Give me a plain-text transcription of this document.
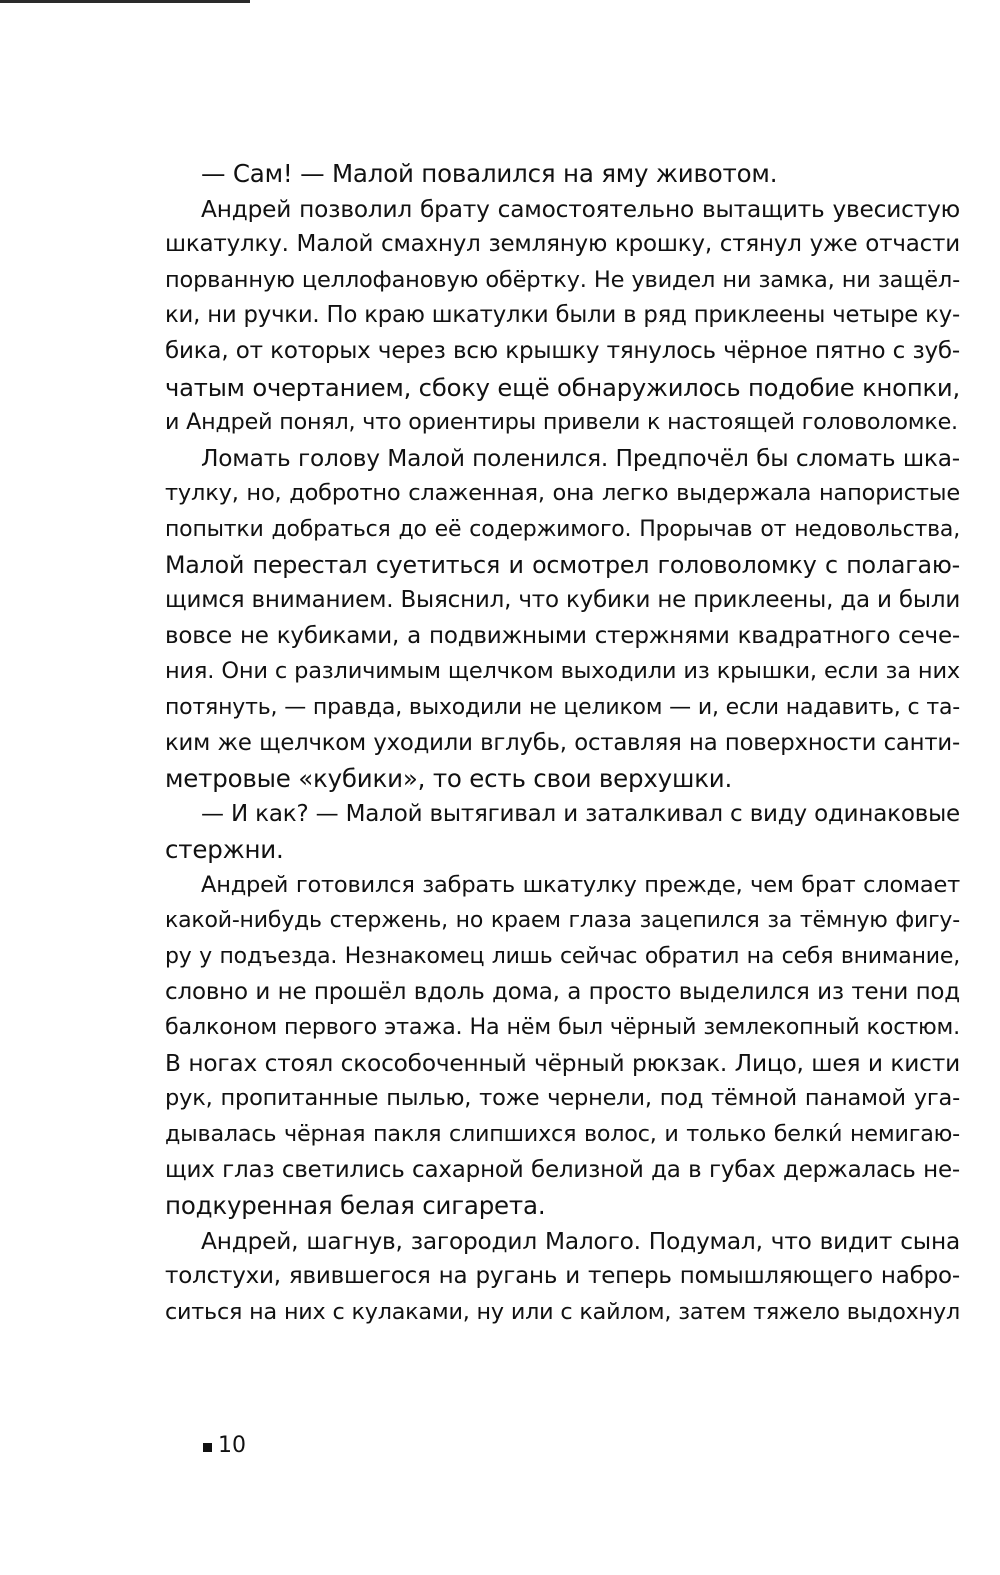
— Сам! — Малой повалился на яму животом.
Андрей позволил брату самостоятельно вытащить увесистую
шкатулку. Малой смахнул земляную крошку, стянул уже отчасти
порванную целлофановую обёртку. Не увидел ни замка, ни защёл-
ки, ни ручки. По краю шкатулки были в ряд приклеены четыре ку-
бика, от которых через всю крышку тянулось чёрное пятно с зуб-
чатым очертанием, сбоку ещё обнаружилось подобие кнопки,
и Андрей понял, что ориентиры привели к настоящей головоломке.
Ломать голову Малой поленился. Предпочёл бы сломать шка-
тулку, но, добротно слаженная, она легко выдержала напористые
попытки добраться до её содержимого. Прорычав от недовольства,
Малой перестал суетиться и осмотрел головоломку с полагаю-
щимся вниманием. Выяснил, что кубики не приклеены, да и были
вовсе не кубиками, а подвижными стержнями квадратного сече-
ния. Они с различимым щелчком выходили из крышки, если за них
потянуть, — правда, выходили не целиком — и, если надавить, с та-
ким же щелчком уходили вглубь, оставляя на поверхности санти-
метровые «кубики», то есть свои верхушки.
— И как? — Малой вытягивал и заталкивал с виду одинаковые
стержни.
Андрей готовился забрать шкатулку прежде, чем брат сломает
какой-нибудь стержень, но краем глаза зацепился за тёмную фигу-
ру у подъезда. Незнакомец лишь сейчас обратил на себя внимание,
словно и не прошёл вдоль дома, а просто выделился из тени под
балконом первого этажа. На нём был чёрный землекопный костюм.
В ногах стоял скособоченный чёрный рюкзак. Лицо, шея и кисти
рук, пропитанные пылью, тоже чернели, под тёмной панамой уга-
дывалась чёрная пакля слипшихся волос, и только белки́ немигаю-
щих глаз светились сахарной белизной да в губах держалась не-
подкуренная белая сигарета.
Андрей, шагнув, загородил Малого. Подумал, что видит сына
толстухи, явившегося на ругань и теперь помышляющего набро-
ситься на них с кулаками, ну или с кайлом, затем тяжело выдохнул
10
